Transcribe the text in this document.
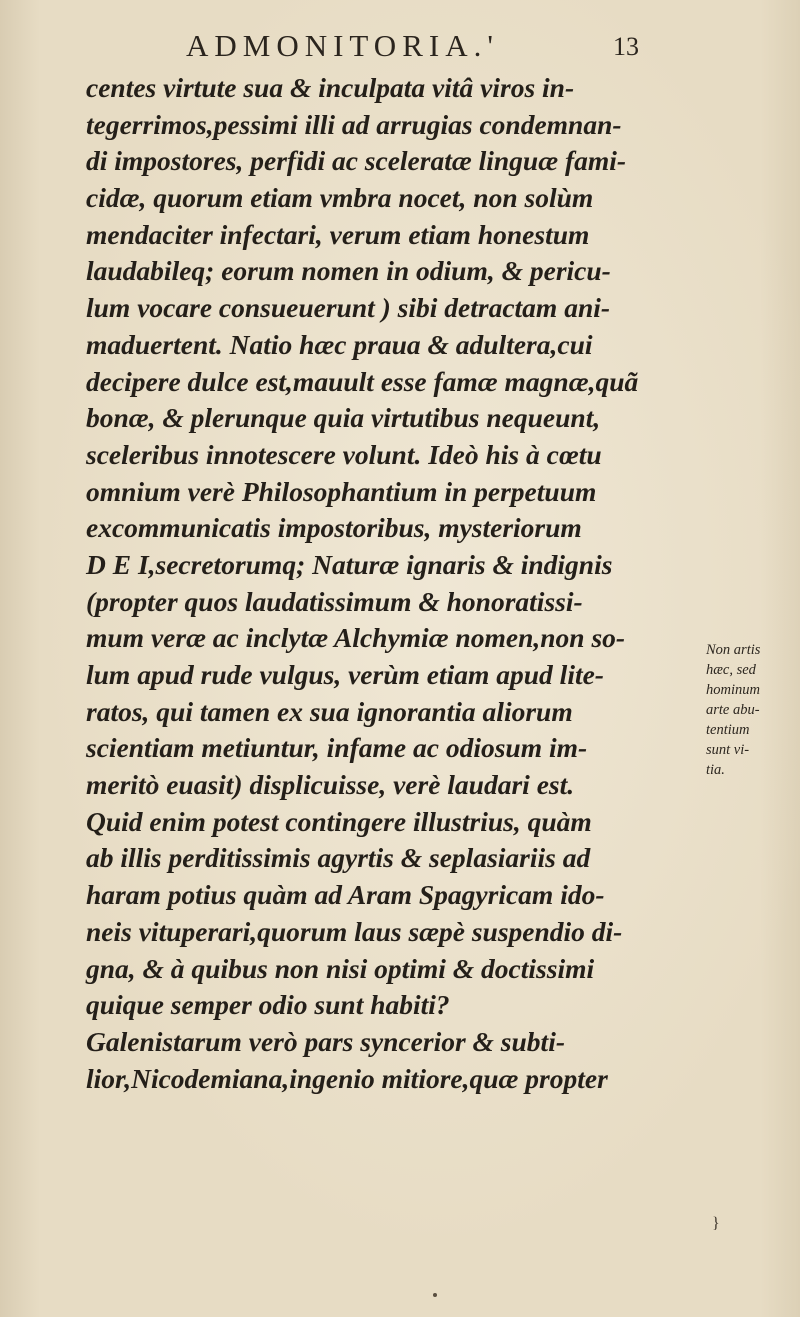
ADMONITORIA.'	13
centes virtute sua & inculpata vitâ viros in-
tegerrimos,pessimi illi ad arrugias condemnan-
di impostores, perfidi ac sceleratæ linguæ fami-
cidæ, quorum etiam vmbra nocet, non solùm
mendaciter infectari, verum etiam honestum
laudabileq; eorum nomen in odium, & pericu-
lum vocare consueuerunt ) sibi detractam ani-
maduertent. Natio hæc praua & adultera,cui
decipere dulce est,mauult esse famæ magnæ,quã
bonæ, & plerunque quia virtutibus nequeunt,
sceleribus innotescere volunt. Ideò his à cœtu
omnium verè Philosophantium in perpetuum
excommunicatis impostoribus, mysteriorum
D E I,secretorumq; Naturæ ignaris & indignis
(propter quos laudatissimum & honoratissi-
mum veræ ac inclytæ Alchymiæ nomen,non so-
lum apud rude vulgus, verùm etiam apud lite-
ratos, qui tamen ex sua ignorantia aliorum
scientiam metiuntur, infame ac odiosum im-
meritò euasit) displicuisse, verè laudari est.
Quid enim potest contingere illustrius, quàm
ab illis perditissimis agyrtis & seplasiariis ad
haram potius quàm ad Aram Spagyricam ido-
neis vituperari,quorum laus sæpè suspendio di-
gna, & à quibus non nisi optimi & doctissimi
quique semper odio sunt habiti?
Galenistarum verò pars syncerior & subti-
lior,Nicodemiana,ingenio mitiore,quæ propter
Non artis
hæc, sed
hominum
arte abu-
tentium
sunt vi-
tia.
}
